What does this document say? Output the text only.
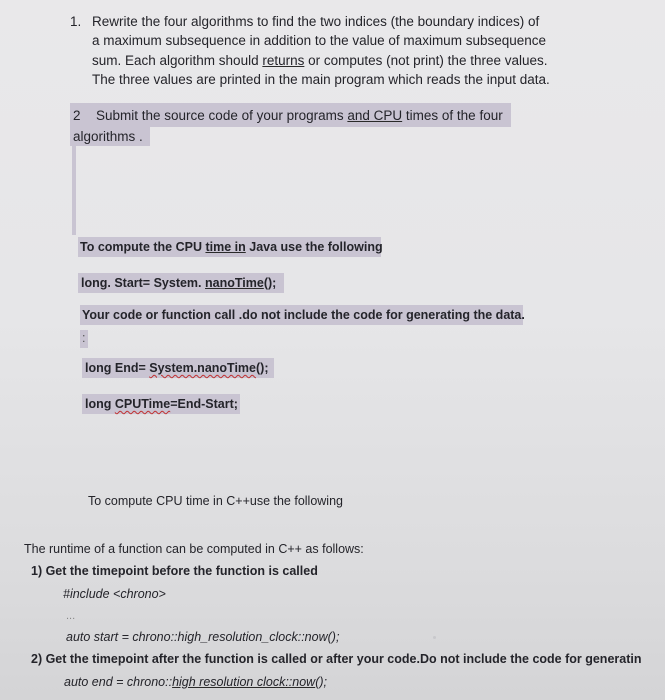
1. Rewrite the four algorithms to find the two indices (the boundary indices) of
a maximum subsequence in addition to the value of maximum subsequence
sum. Each algorithm should returns or computes (not print) the three values.
The three values are printed in the main program which reads the input data.
2 Submit the source code of your programs and CPU times of the four
algorithms .
To compute the CPU time in Java use the following
long. Start= System. nanoTime();
Your code or function call .do not include the code for generating the data.
:
long End= System.nanoTime();
long CPUTime=End-Start;
To compute CPU time in C++use the following
The runtime of a function can be computed in C++ as follows:
1) Get the timepoint before the function is called
#include <chrono>
...
auto start = chrono::high_resolution_clock::now();
2) Get the timepoint after the function is called or after your code.Do not include the code for generatin
auto end = chrono::high resolution clock::now();
